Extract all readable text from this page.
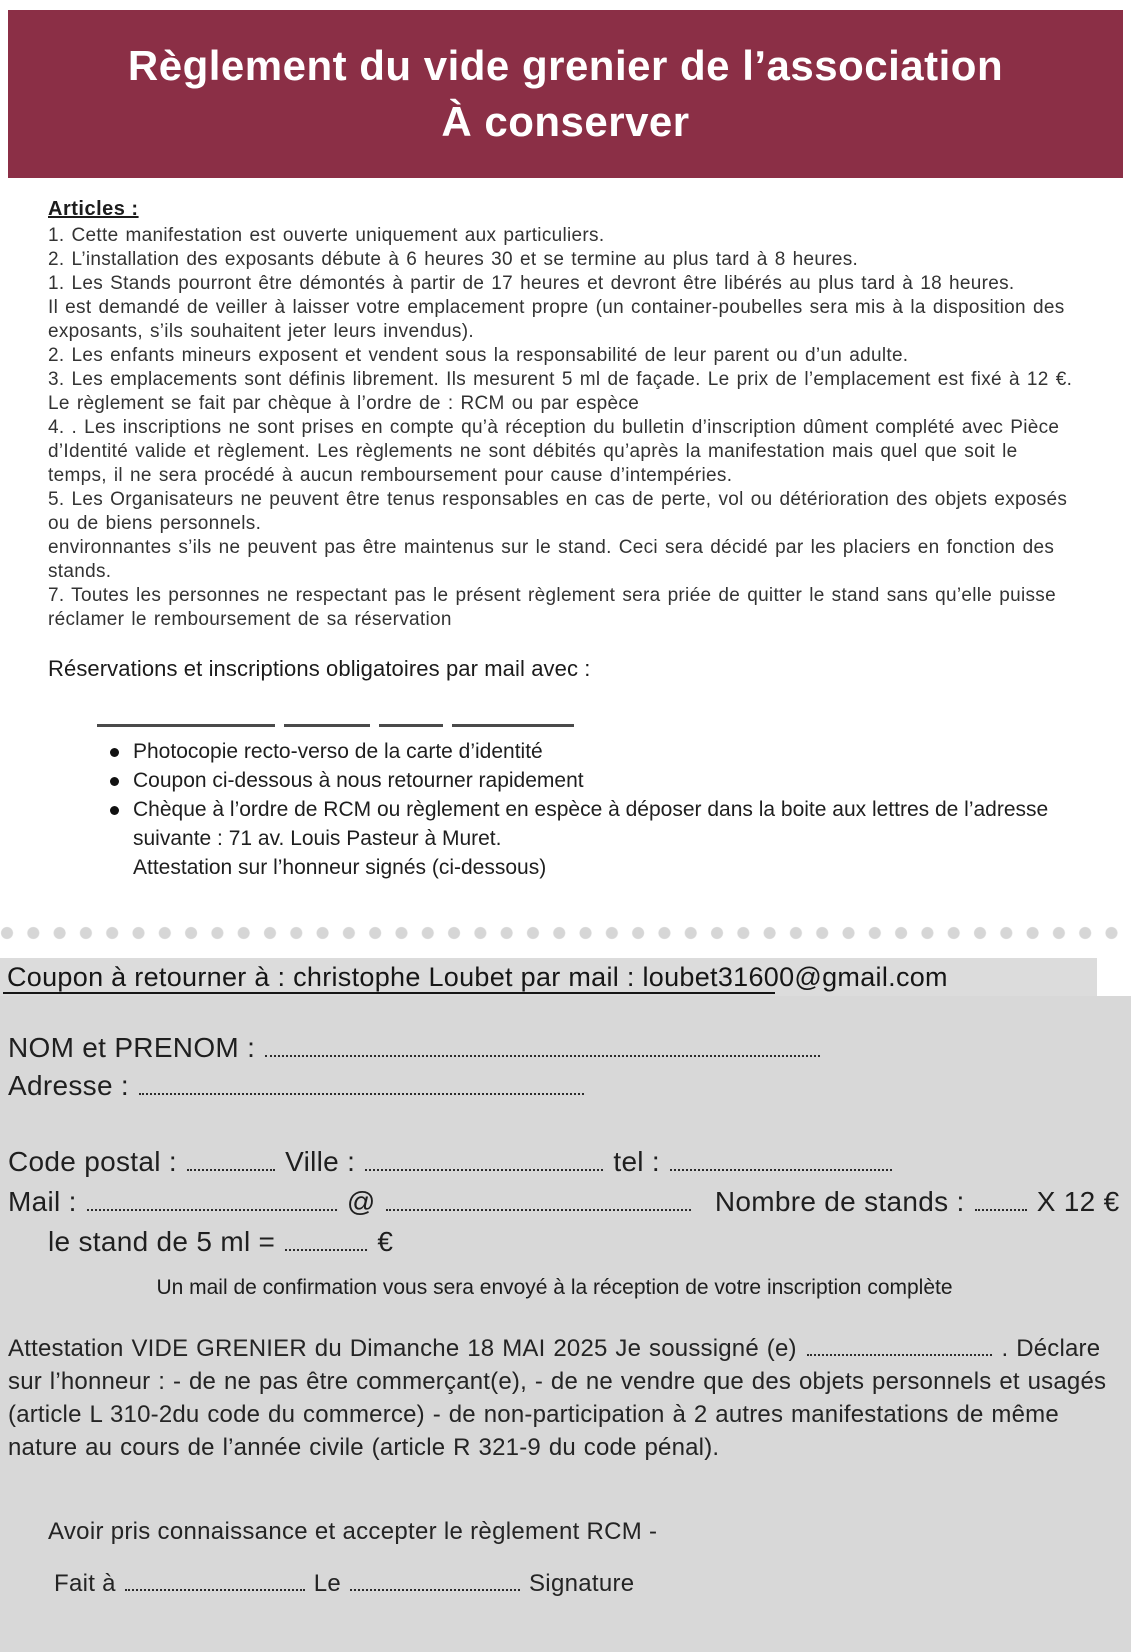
Règlement du vide grenier de l’association
À conserver
Articles :

1. Cette manifestation est ouverte uniquement aux particuliers.

2. L’installation des exposants débute à 6 heures 30 et se termine au plus tard à 8 heures.

1. Les Stands pourront être démontés à partir de 17 heures et devront être libérés au plus tard à 18 heures.

Il est demandé de veiller à laisser votre emplacement propre (un container-poubelles sera mis à la disposition des exposants, s’ils souhaitent jeter leurs invendus).

2. Les enfants mineurs exposent et vendent sous la responsabilité de leur parent ou d’un adulte.

3. Les emplacements sont définis librement. Ils mesurent 5 ml de façade. Le prix de l’emplacement est fixé à 12 €. Le règlement se fait par chèque à l’ordre de : RCM ou par espèce

4. . Les inscriptions ne sont prises en compte qu’à réception du bulletin d’inscription dûment complété avec Pièce d’Identité valide et règlement. Les règlements ne sont débités qu’après la manifestation mais quel que soit le temps, il ne sera procédé à aucun remboursement pour cause d’intempéries.

5. Les Organisateurs ne peuvent être tenus responsables en cas de perte, vol ou détérioration des objets exposés ou de biens personnels.

environnantes s’ils ne peuvent pas être maintenus sur le stand. Ceci sera décidé par les placiers en fonction des stands.

7. Toutes les personnes ne respectant pas le présent règlement sera priée de quitter le stand sans qu’elle puisse réclamer le remboursement de sa réservation

Réservations et inscriptions obligatoires par mail avec :

Photocopie recto-verso de la carte d’identité
Coupon ci-dessous à nous retourner rapidement
Chèque à l’ordre de RCM ou règlement en espèce à déposer dans la boite aux lettres de l’adresse suivante : 71 av. Louis Pasteur à Muret.

Attestation sur l’honneur signés (ci-dessous)

Coupon à retourner à : christophe Loubet par mail : loubet31600@gmail.com
NOM et PRENOM :
Adresse :
Code postal :	Ville :	tel :
Mail :	@	Nombre de stands :	X 12 €
le stand de 5 ml =	€

Un mail de confirmation vous sera envoyé à la réception de votre inscription complète

Attestation VIDE GRENIER du Dimanche 18 MAI 2025 Je soussigné (e)	. Déclare sur l’honneur : - de ne pas être commerçant(e), - de ne vendre que des objets personnels et usagés (article L 310-2du code du commerce) - de non-participation à 2 autres manifestations de même nature au cours de l’année civile (article R 321-9 du code pénal).

Avoir pris connaissance et accepter le règlement RCM -

Fait à	Le	Signature
